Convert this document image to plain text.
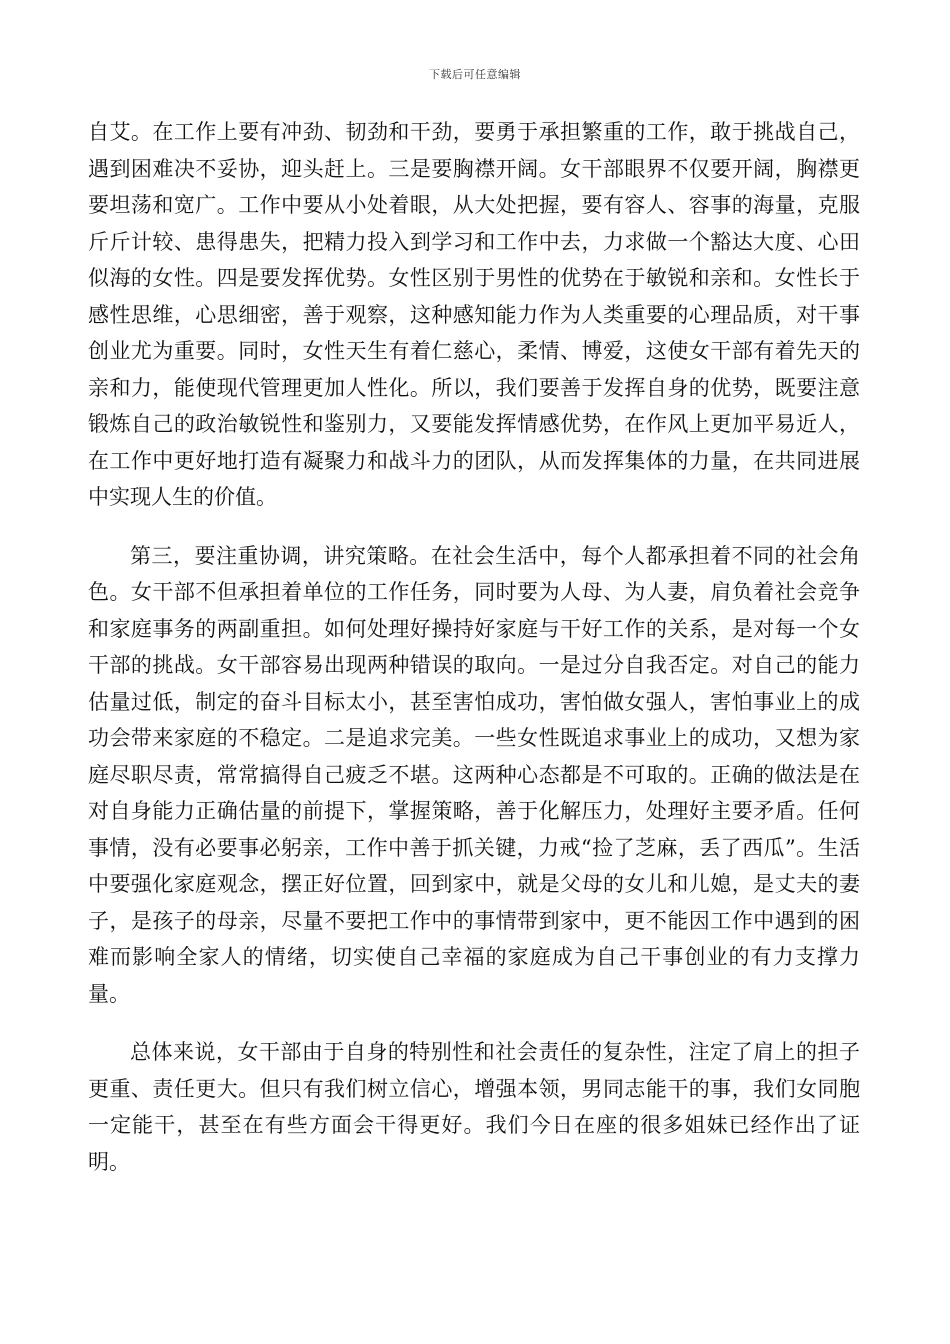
下载后可任意编辑

自艾。在工作上要有冲劲、韧劲和干劲，要勇于承担繁重的工作，敢于挑战自己，遇到困难决不妥协，迎头赶上。三是要胸襟开阔。女干部眼界不仅要开阔，胸襟更要坦荡和宽广。工作中要从小处着眼，从大处把握，要有容人、容事的海量，克服斤斤计较、患得患失，把精力投入到学习和工作中去，力求做一个豁达大度、心田似海的女性。四是要发挥优势。女性区别于男性的优势在于敏锐和亲和。女性长于感性思维，心思细密，善于观察，这种感知能力作为人类重要的心理品质，对干事创业尤为重要。同时，女性天生有着仁慈心，柔情、博爱，这使女干部有着先天的亲和力，能使现代管理更加人性化。所以，我们要善于发挥自身的优势，既要注意锻炼自己的政治敏锐性和鉴别力，又要能发挥情感优势，在作风上更加平易近人，在工作中更好地打造有凝聚力和战斗力的团队，从而发挥集体的力量，在共同进展中实现人生的价值。

第三，要注重协调，讲究策略。在社会生活中，每个人都承担着不同的社会角色。女干部不但承担着单位的工作任务，同时要为人母、为人妻，肩负着社会竞争和家庭事务的两副重担。如何处理好操持好家庭与干好工作的关系，是对每一个女干部的挑战。女干部容易出现两种错误的取向。一是过分自我否定。对自己的能力估量过低，制定的奋斗目标太小，甚至害怕成功，害怕做女强人，害怕事业上的成功会带来家庭的不稳定。二是追求完美。一些女性既追求事业上的成功，又想为家庭尽职尽责，常常搞得自己疲乏不堪。这两种心态都是不可取的。正确的做法是在对自身能力正确估量的前提下，掌握策略，善于化解压力，处理好主要矛盾。任何事情，没有必要事必躬亲，工作中善于抓关键，力戒“捡了芝麻，丢了西瓜”。生活中要强化家庭观念，摆正好位置，回到家中，就是父母的女儿和儿媳，是丈夫的妻子，是孩子的母亲，尽量不要把工作中的事情带到家中，更不能因工作中遇到的困难而影响全家人的情绪，切实使自己幸福的家庭成为自己干事创业的有力支撑力量。

总体来说，女干部由于自身的特别性和社会责任的复杂性，注定了肩上的担子更重、责任更大。但只有我们树立信心，增强本领，男同志能干的事，我们女同胞一定能干，甚至在有些方面会干得更好。我们今日在座的很多姐妹已经作出了证明。
